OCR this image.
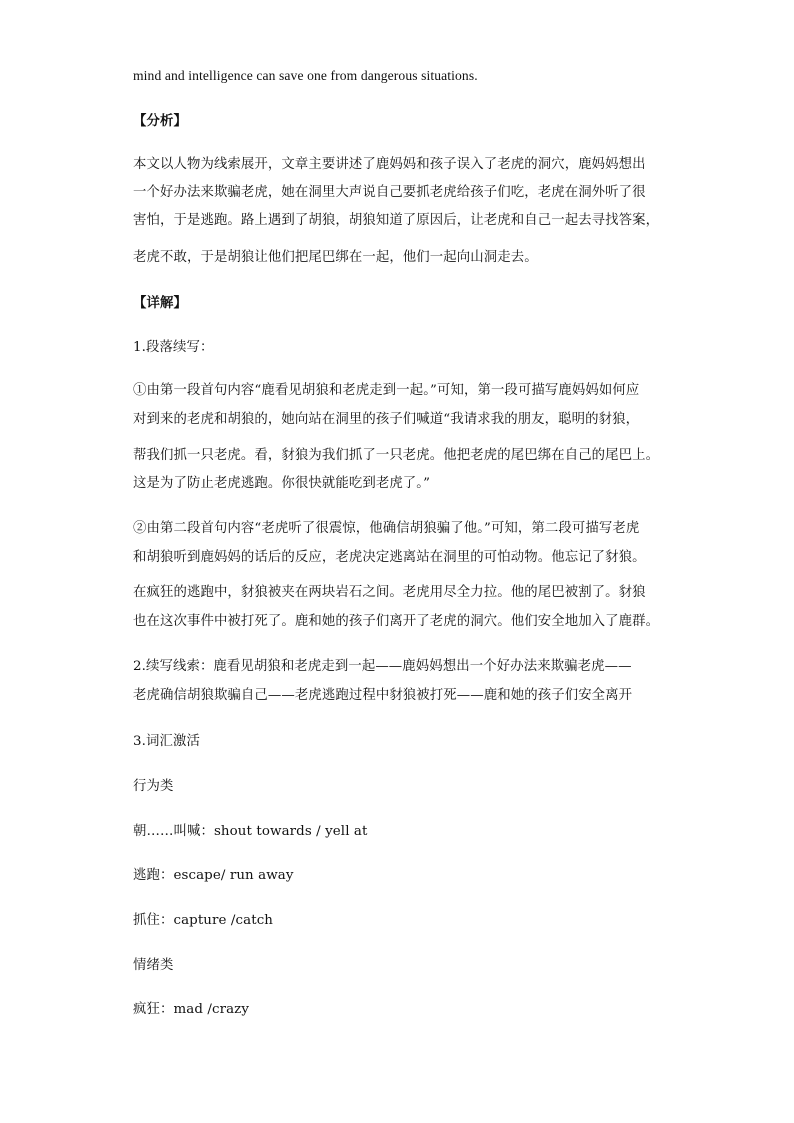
mind and intelligence can save one from dangerous situations.
【分析】
本文以人物为线索展开，文章主要讲述了鹿妈妈和孩子误入了老虎的洞穴，鹿妈妈想出
一个好办法来欺骗老虎，她在洞里大声说自己要抓老虎给孩子们吃，老虎在洞外听了很
害怕，于是逃跑。路上遇到了胡狼，胡狼知道了原因后，让老虎和自己一起去寻找答案，
老虎不敢，于是胡狼让他们把尾巴绑在一起，他们一起向山洞走去。
【详解】
1.段落续写：
①由第一段首句内容“鹿看见胡狼和老虎走到一起。”可知，第一段可描写鹿妈妈如何应
对到来的老虎和胡狼的，她向站在洞里的孩子们喊道“我请求我的朋友，聪明的豺狼，
帮我们抓一只老虎。看，豺狼为我们抓了一只老虎。他把老虎的尾巴绑在自己的尾巴上。
这是为了防止老虎逃跑。你很快就能吃到老虎了。”
②由第二段首句内容“老虎听了很震惊，他确信胡狼骗了他。”可知，第二段可描写老虎
和胡狼听到鹿妈妈的话后的反应，老虎决定逃离站在洞里的可怕动物。他忘记了豺狼。
在疯狂的逃跑中，豺狼被夹在两块岩石之间。老虎用尽全力拉。他的尾巴被割了。豺狼
也在这次事件中被打死了。鹿和她的孩子们离开了老虎的洞穴。他们安全地加入了鹿群。
2.续写线索：鹿看见胡狼和老虎走到一起——鹿妈妈想出一个好办法来欺骗老虎——
老虎确信胡狼欺骗自己——老虎逃跑过程中豺狼被打死——鹿和她的孩子们安全离开
3.词汇激活
行为类
朝……叫喊：shout towards / yell at
逃跑：escape/ run away
抓住：capture /catch
情绪类
疯狂：mad /crazy
